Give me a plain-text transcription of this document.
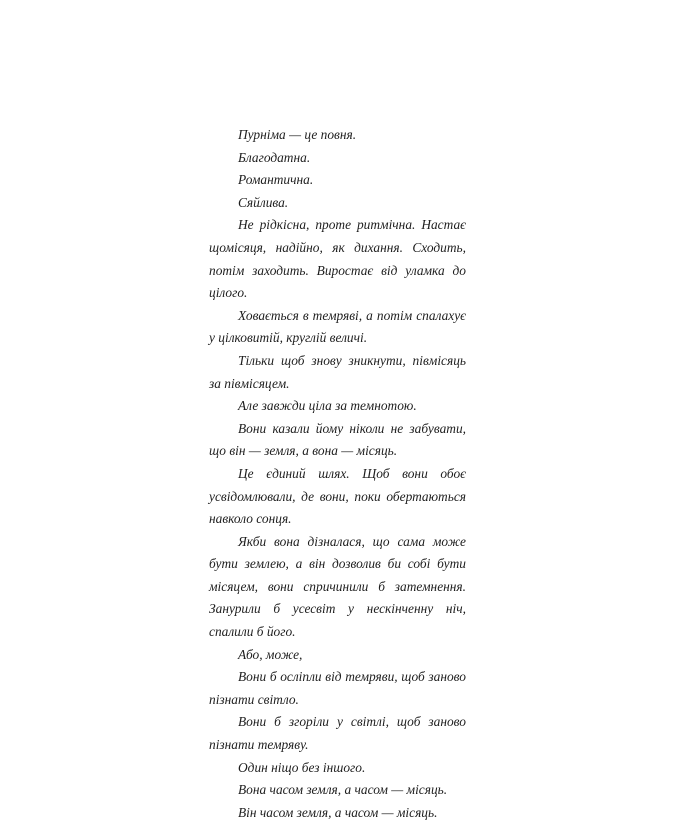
Пурніма — це повня.

Благодатна.

Романтична.

Сяйлива.

Не рідкісна, проте ритмічна. Настає щомісяця, надійно, як дихання. Сходить, потім заходить. Виростає від уламка до цілого.

Ховається в темряві, а потім спалахує у цілковитій, круглій величі.

Тільки щоб знову зникнути, півмісяць за півмісяцем.

Але завжди ціла за темнотою.

Вони казали йому ніколи не забувати, що він — земля, а вона — місяць.

Це єдиний шлях. Щоб вони обоє усвідомлювали, де вони, поки обертаються навколо сонця.

Якби вона дізналася, що сама може бути землею, а він дозволив би собі бути місяцем, вони спричинили б затемнення. Занурили б усесвіт у нескінченну ніч, спалили б його.

Або, може,

Вони б осліпли від темряви, щоб заново пізнати світло.

Вони б згоріли у світлі, щоб заново пізнати темряву.

Один ніщо без іншого.

Вона часом земля, а часом — місяць.

Він часом земля, а часом — місяць.
